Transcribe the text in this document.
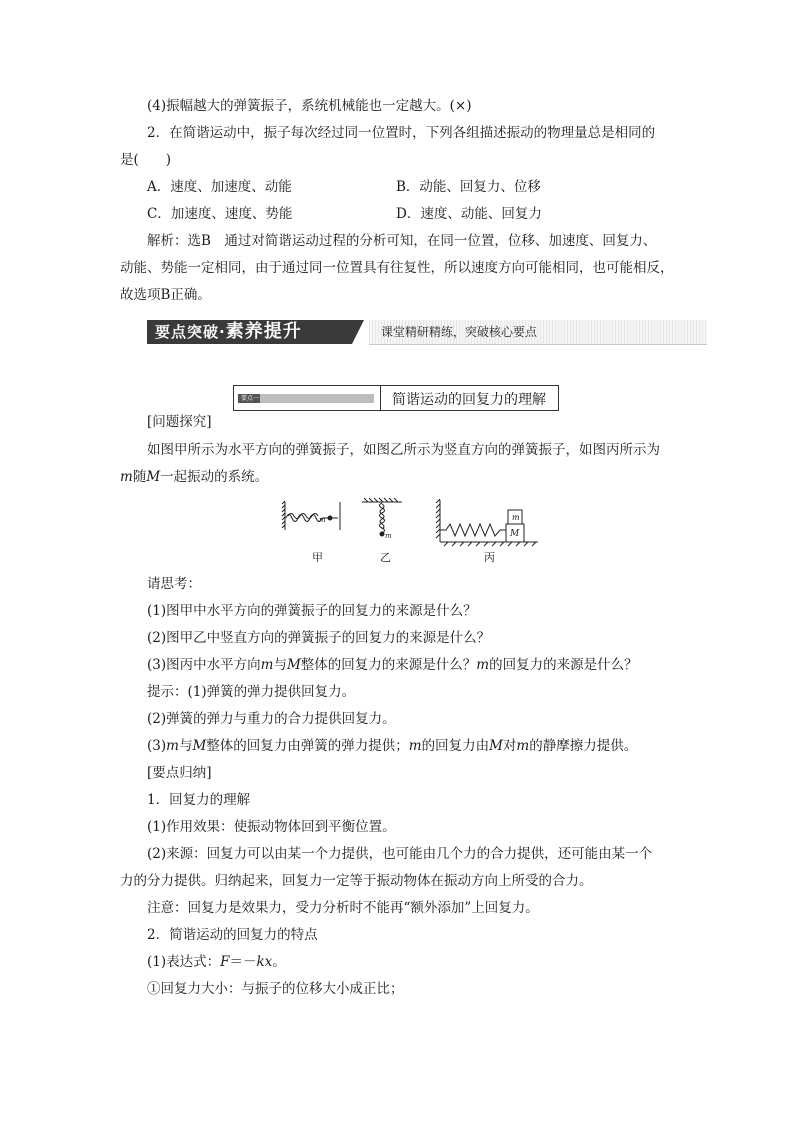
(4)振幅越大的弹簧振子，系统机械能也一定越大。(×)
2．在简谐运动中，振子每次经过同一位置时，下列各组描述振动的物理量总是相同的
是(　　)
A．速度、加速度、动能	B．动能、回复力、位移
C．加速度、速度、势能	D．速度、动能、回复力
解析：选B　通过对简谐运动过程的分析可知，在同一位置，位移、加速度、回复力、
动能、势能一定相同，由于通过同一位置具有往复性，所以速度方向可能相同，也可能相反，
故选项B正确。
要点突破·素养提升	课堂精研精练，突破核心要点
要点一	简谐运动的回复力的理解
[问题探究]
如图甲所示为水平方向的弹簧振子，如图乙所示为竖直方向的弹簧振子，如图丙所示为
m随M一起振动的系统。
m
m
m
M
甲	乙	丙
请思考：
(1)图甲中水平方向的弹簧振子的回复力的来源是什么？
(2)图甲乙中竖直方向的弹簧振子的回复力的来源是什么？
(3)图丙中水平方向m与M整体的回复力的来源是什么？m的回复力的来源是什么？
提示：(1)弹簧的弹力提供回复力。
(2)弹簧的弹力与重力的合力提供回复力。
(3)m与M整体的回复力由弹簧的弹力提供；m的回复力由M对m的静摩擦力提供。
[要点归纳]
1．回复力的理解
(1)作用效果：使振动物体回到平衡位置。
(2)来源：回复力可以由某一个力提供，也可能由几个力的合力提供，还可能由某一个
力的分力提供。归纳起来，回复力一定等于振动物体在振动方向上所受的合力。
注意：回复力是效果力，受力分析时不能再“额外添加”上回复力。
2．简谐运动的回复力的特点
(1)表达式：F＝－kx。
①回复力大小：与振子的位移大小成正比；
